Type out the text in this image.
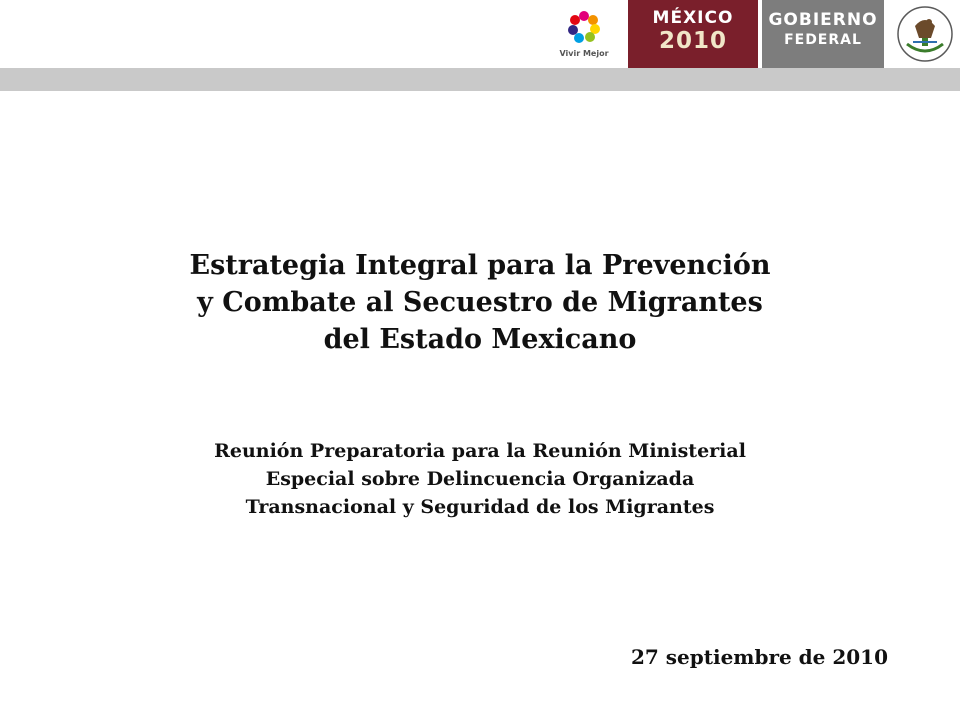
Vivir Mejor
MÉXICO
2010
GOBIERNO
FEDERAL
Estrategia Integral para la Prevención
y Combate al Secuestro de Migrantes
del Estado Mexicano
Reunión Preparatoria para la Reunión Ministerial
Especial sobre Delincuencia Organizada
Transnacional y Seguridad de los Migrantes
27 septiembre de 2010
